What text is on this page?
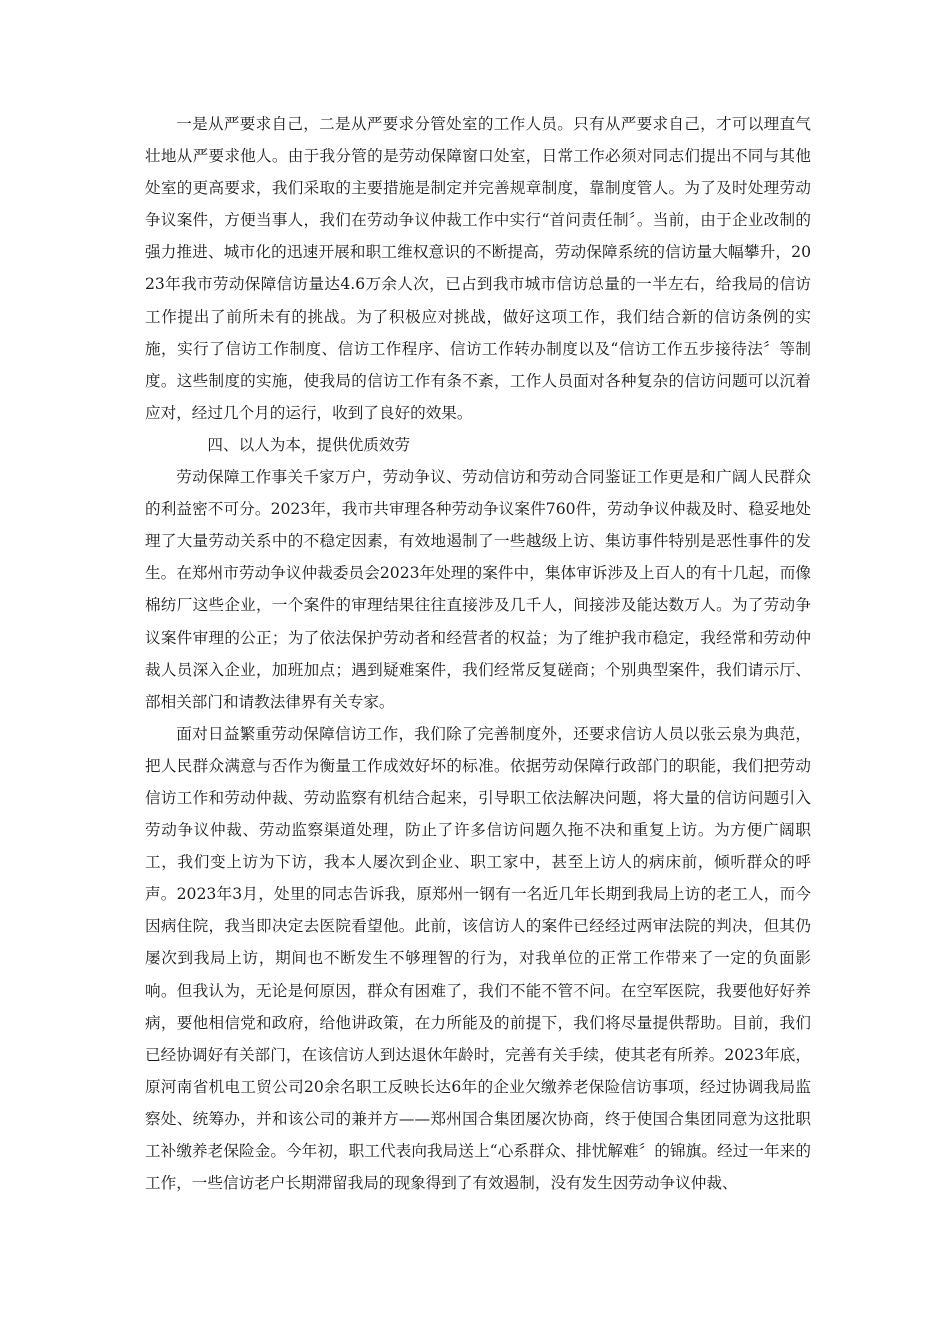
一是从严要求自己，二是从严要求分管处室的工作人员。只有从严要求自己，才可以理直气壮地从严要求他人。由于我分管的是劳动保障窗口处室，日常工作必须对同志们提出不同与其他处室的更高要求，我们采取的主要措施是制定并完善规章制度，靠制度管人。为了及时处理劳动争议案件，方便当事人，我们在劳动争议仲裁工作中实行“首问责任制〞。当前，由于企业改制的强力推进、城市化的迅速开展和职工维权意识的不断提高，劳动保障系统的信访量大幅攀升，2023年我市劳动保障信访量达4.6万余人次，已占到我市城市信访总量的一半左右，给我局的信访工作提出了前所未有的挑战。为了积极应对挑战，做好这项工作，我们结合新的信访条例的实施，实行了信访工作制度、信访工作程序、信访工作转办制度以及“信访工作五步接待法〞等制度。这些制度的实施，使我局的信访工作有条不紊，工作人员面对各种复杂的信访问题可以沉着应对，经过几个月的运行，收到了良好的效果。

四、以人为本，提供优质效劳

劳动保障工作事关千家万户，劳动争议、劳动信访和劳动合同鉴证工作更是和广阔人民群众的利益密不可分。2023年，我市共审理各种劳动争议案件760件，劳动争议仲裁及时、稳妥地处理了大量劳动关系中的不稳定因素，有效地遏制了一些越级上访、集访事件特别是恶性事件的发生。在郑州市劳动争议仲裁委员会2023年处理的案件中，集体审诉涉及上百人的有十几起，而像棉纺厂这些企业，一个案件的审理结果往往直接涉及几千人，间接涉及能达数万人。为了劳动争议案件审理的公正；为了依法保护劳动者和经营者的权益；为了维护我市稳定，我经常和劳动仲裁人员深入企业，加班加点；遇到疑难案件，我们经常反复磋商；个别典型案件，我们请示厅、部相关部门和请教法律界有关专家。

面对日益繁重劳动保障信访工作，我们除了完善制度外，还要求信访人员以张云泉为典范，把人民群众满意与否作为衡量工作成效好坏的标准。依据劳动保障行政部门的职能，我们把劳动信访工作和劳动仲裁、劳动监察有机结合起来，引导职工依法解决问题，将大量的信访问题引入劳动争议仲裁、劳动监察渠道处理，防止了许多信访问题久拖不决和重复上访。为方便广阔职工，我们变上访为下访，我本人屡次到企业、职工家中，甚至上访人的病床前，倾听群众的呼声。2023年3月，处里的同志告诉我，原郑州一钢有一名近几年长期到我局上访的老工人，而今因病住院，我当即决定去医院看望他。此前，该信访人的案件已经经过两审法院的判决，但其仍屡次到我局上访，期间也不断发生不够理智的行为，对我单位的正常工作带来了一定的负面影响。但我认为，无论是何原因，群众有困难了，我们不能不管不问。在空军医院，我要他好好养病，要他相信党和政府，给他讲政策，在力所能及的前提下，我们将尽量提供帮助。目前，我们已经协调好有关部门，在该信访人到达退休年龄时，完善有关手续，使其老有所养。2023年底，原河南省机电工贸公司20余名职工反映长达6年的企业欠缴养老保险信访事项，经过协调我局监察处、统筹办，并和该公司的兼并方——郑州国合集团屡次协商，终于使国合集团同意为这批职工补缴养老保险金。今年初，职工代表向我局送上“心系群众、排忧解难〞的锦旗。经过一年来的工作，一些信访老户长期滞留我局的现象得到了有效遏制，没有发生因劳动争议仲裁、
